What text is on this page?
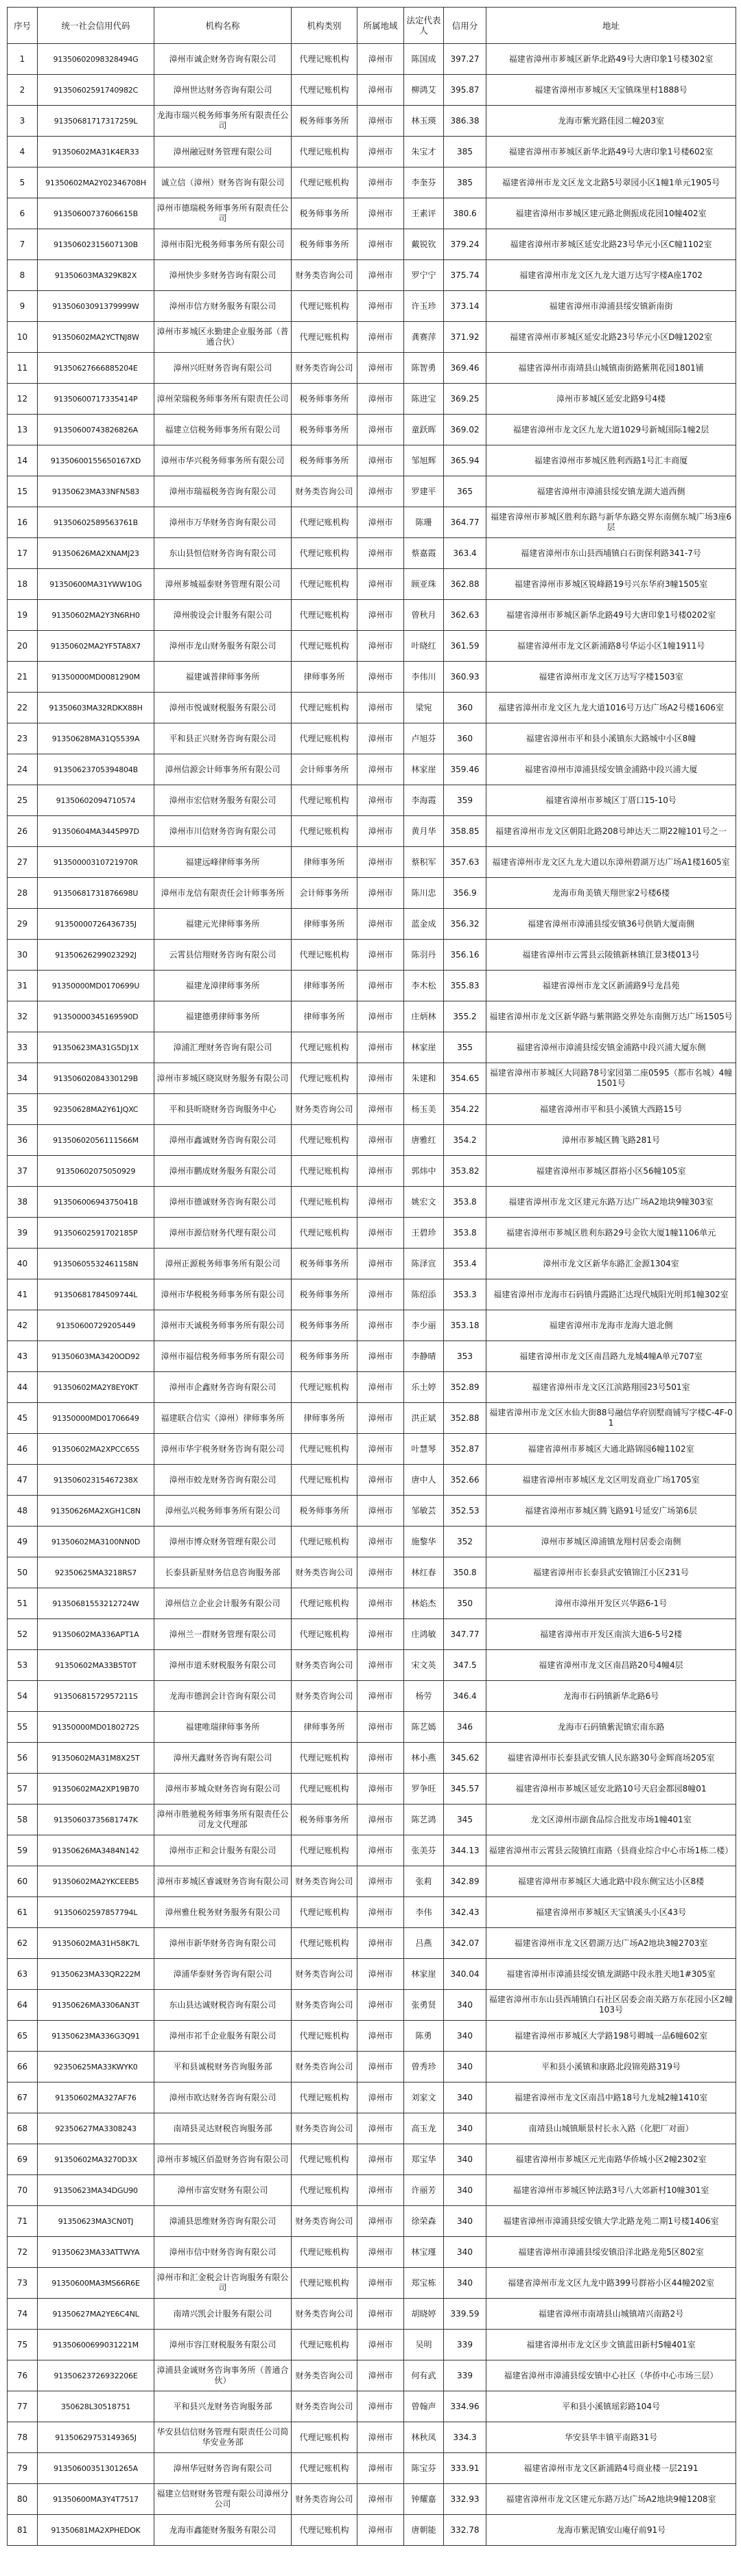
序号	统一社会信用代码	机构名称	机构类别	所属地域	法定代表人	信用分	地址
1	91350602098328494G	漳州市诚企财务咨询有限公司	代理记账机构	漳州市	陈国成	397.27	福建省漳州市芗城区新华北路49号大唐印象1号楼302室
2	91350602591740982C	漳州世达财务咨询有限公司	代理记账机构	漳州市	柳鸿艾	395.87	福建省漳州市芗城区天宝镇珠里村1888号
3	91350681717317259L	龙海市瑞兴税务师事务所有限责任公司	税务师事务所	漳州市	林玉瑛	386.38	龙海市紫光路佳园二幢203室
4	91350602MA31K4ER33	漳州融冠财务管理有限公司	代理记账机构	漳州市	朱宝才	385	福建省漳州市芗城区新华北路49号大唐印象1号楼602室
5	91350602MA2Y02346708H	诚立信（漳州）财务咨询有限公司	代理记账机构	漳州市	李奎芬	385	福建省漳州市龙文区龙文北路5号翠园小区1幢1单元1905号
6	91350600737606615B	漳州市德瑞税务师事务所有限责任公司	税务师事务所	漳州市	王素评	380.6	福建省漳州市芗城区建元路北侧振成花园10幢402室
7	91350602315607130B	漳州市阳光税务师事务所有限公司	税务师事务所	漳州市	戴锐钦	379.24	福建省漳州市芗城区延安北路23号华元小区C幢1102室
8	91350603MA329K82X	漳州快步多财务咨询有限公司	财务类咨询公司	漳州市	罗宁宁	375.74	福建省漳州市龙文区九龙大道万达写字楼A座1702
9	91350603091379999W	漳州市信方财务服务有限公司	代理记账机构	漳州市	许玉珍	373.14	福建省漳州市漳浦县绥安镇新南街
10	91350602MA2YCTNJ8W	漳州市芗城区永勤建企业服务部（普通合伙）	代理记账机构	漳州市	龚赛萍	371.92	福建省漳州市芗城区延安北路23号华元小区D幢1202室
11	91350627666885204E	漳州兴旺财务咨询有限公司	财务类咨询公司	漳州市	陈智勇	369.46	福建省漳州市南靖县山城镇南街路紫荆花园1801铺
12	91350600717335414P	漳州荣瑞税务师事务所有限责任公司	税务师事务所	漳州市	陈进宝	369.25	漳州市芗城区延安北路9号4楼
13	91350600743826826A	福建立信税务师事务所有限公司	税务师事务所	漳州市	童跃晖	369.02	福建省漳州市龙文区九龙大道1029号新城国际1幢2层
14	91350600155650167XD	漳州市华兴税务师事务所有限公司	税务师事务所	漳州市	邹旭辉	365.94	福建省漳州市芗城区胜利西路1号汇丰商厦
15	91350623MA33NFN583	漳州市瑞福税务咨询有限公司	财务类咨询公司	漳州市	罗建平	365	福建省漳州市漳浦县绥安镇龙湖大道西侧
16	91350602589563761B	漳州市万华财务咨询有限公司	代理记账机构	漳州市	陈珊	364.77	福建省漳州市芗城区胜利东路与新华东路交界东南侧东城广场3座6层
17	91350626MA2XNAMJ23	东山县恒信财务咨询有限公司	代理记账机构	漳州市	蔡嘉霞	363.4	福建省漳州市东山县西埔镇白石街保利路341-7号
18	91350600MA31YWW10G	漳州芗城福泰财务管理有限公司	代理记账机构	漳州市	顾亚珠	362.88	福建省漳州市芗城区锐峰路19号兴东华府3幢1505室
19	91350602MA2Y3N6RH0	漳州骏设会计服务有限公司	代理记账机构	漳州市	曾秋月	362.63	福建省漳州市芗城区新华北路49号大唐印象1号楼0202室
20	91350602MA2YF5TA8X7	漳州市龙山财务服务有限公司	代理记账机构	漳州市	叶晓红	361.59	福建省漳州市龙文区新浦路8号华运小区1幢1911号
21	91350000MD0081290M	福建诚普律师事务所	律师事务所	漳州市	李伟川	360.93	福建省漳州市龙文区万达写字楼1503室
22	91350603MA32RDKX88H	漳州市悦诚财税服务有限公司	代理记账机构	漳州市	梁宛	360	福建省漳州市龙文区九龙大道1016号万达广场A2号楼1606室
23	91350628MA31Q5539A	平和县正兴财务咨询有限公司	代理记账机构	漳州市	卢旭芬	360	福建省漳州市平和县小溪镇东大路城中小区8幢
24	91350623705394804B	漳州信源会计师事务所有限公司	会计师事务所	漳州市	林家崖	359.46	福建省漳州市漳浦县绥安镇金浦路中段兴浦大厦
25	91350602094710574	漳州市宏信财务服务有限公司	代理记账机构	漳州市	李海霞	359	福建省漳州市芗城区丁厝口15-10号
26	91350604MA3445P97D	漳州市川信财务咨询有限公司	代理记账机构	漳州市	黄月华	358.85	福建省漳州市龙文区朝阳北路208号坤达天二期22幢101号之一
27	91350000310721970R	福建远峰律师事务所	律师事务所	漳州市	蔡积军	357.63	福建省漳州市龙文区九龙大道以东漳州碧湖万达广场A1楼1605室
28	91350681731876698U	漳州市龙信有限责任会计师事务所	会计师事务所	漳州市	陈川忠	356.9	龙海市角美镇天翔世家2号楼6楼
29	91350000726436735J	福建元光律师事务所	律师事务所	漳州市	蓝金成	356.32	福建省漳州市漳浦县绥安镇36号供销大厦南侧
30	91350626299023292J	云霄县信翔财务咨询有限公司	代理记账机构	漳州市	陈羽丹	356.16	福建省漳州市云霄县云陵镇新林镇江景3楼013号
31	91350000MD0170699U	福建龙漳律师事务所	律师事务所	漳州市	李木松	355.83	福建省漳州市龙文区新浦路9号龙昌苑
32	91350000345169590D	福建德勇律师事务所	律师事务所	漳州市	庄炳林	355.2	福建省漳州市龙文区新华路与紫荆路交界处东南侧万达广场1505号
33	91350623MA31G5DJ1X	漳浦汇理财务咨询有限公司	代理记账机构	漳州市	林家崖	355	福建省漳州市漳浦县绥安镇金浦路中段兴浦大厦东侧
34	91350602084330129B	漳州市芗城区晓岚财务服务有限公司	代理记账机构	漳州市	朱建和	354.65	福建省漳州市芗城区大同路78号家园第二座0595（都市名城）4幢1501号
35	92350628MA2Y61JQXC	平和县昕晓财务咨询服务中心	财务类咨询公司	漳州市	杨玉美	354.22	福建省漳州市平和县小溪镇大西路15号
36	91350602056111566M	漳州市鑫诚财务咨询有限公司	代理记账机构	漳州市	唐雅红	354.2	漳州市芗城区腾飞路281号
37	91350602075050929	漳州市鹏成财务服务有限公司	代理记账机构	漳州市	郭炜中	353.82	福建省漳州市芗城区群裕小区56幢105室
38	91350600694375041B	漳州市德诚财务咨询有限公司	代理记账机构	漳州市	姚宏文	353.8	福建省漳州市龙文区建元东路万达广场A2地块9幢303室
39	91350602591702185P	漳州市源信财务代理有限公司	代理记账机构	漳州市	王碧珍	353.8	福建省漳州市芗城区胜利东路29号金钦大厦1幢1106单元
40	91350605532461158N	漳州正源税务师事务所有限公司	税务师事务所	漳州市	陈泽宣	353.4	漳州市龙文区新华东路汇金源1304室
41	91350681784509744L	漳州市华税税务师事务所有限公司	税务师事务所	漳州市	陈绍添	353.3	福建省漳州市龙海市石码镇丹霞路汇达现代城阳光明邦1幢302室
42	91350600729205449	漳州市天诚税务师事务所有限公司	税务师事务所	漳州市	李少丽	353.18	福建省漳州市龙海市龙海大道北侧
43	91350603MA3420OD92	漳州市福信税务师事务所有限公司	税务师事务所	漳州市	李静晴	353	福建省漳州市龙文区南昌路九龙城4幢A单元707室
44	91350602MA2Y8EY0KT	漳州市企鑫财务咨询有限公司	代理记账机构	漳州市	乐土婷	352.89	福建省漳州市龙文区江滨路翔园23号501室
45	91350000MD01706649	福建联合信实（漳州）律师事务所	律师事务所	漳州市	洪正斌	352.88	福建省漳州市龙文区水仙大街88号融信华府别墅商铺写字楼C-4F-01
46	91350602MA2XPCC65S	漳州市华宇税务财务咨询有限公司	代理记账机构	漳州市	叶慧琴	352.87	福建省漳州市芗城区大通北路锦园6幢1102室
47	91350602315467238X	漳州市蛟龙财务咨询有限公司	代理记账机构	漳州市	唐中人	352.66	福建省漳州市芗城区龙文区明发商业广场1705室
48	91350626MA2XGH1C8N	漳州弘兴税务师事务所有限公司	税务师事务所	漳州市	邹敏芸	352.53	福建省漳州市芗城区腾飞路91号延安广场第6层
49	91350602MA3100NN0D	漳州市博众财务管理有限公司	代理记账机构	漳州市	施黎华	352	漳州市芗城区漳浦镇龙翔村居委会南侧
50	92350625MA3218RS7	长泰县新星财务信息咨询服务部	财务类咨询公司	漳州市	林红春	350.8	福建省漳州市长泰县武安镇锦江小区231号
51	91350681553212724W	漳州信立企业会计服务有限公司	代理记账机构	漳州市	林焰杰	350	漳州市漳州开发区兴华路6-1号
52	91350602MA336APT1A	漳州兰一群财务管理有限公司	代理记账机构	漳州市	庄鸿敏	347.77	福建省漳州市开发区南滨大道6-5号2楼
53	91350602MA33B5T0T	漳州市道禾财税服务有限公司	财务类咨询公司	漳州市	宋文英	347.5	福建省漳州市龙文区南昌路20号4幢4层
54	91350681572957211S	龙海市德润会计咨询有限公司	财务类咨询公司	漳州市	杨劳	346.4	龙海市石码镇新华北路6号
55	91350000MD0180272S	福建唯瑞律师事务所	律师事务所	漳州市	陈艺嫣	346	龙海市石码镇紫泥镇宏南东路
56	91350602MA31M8X25T	漳州天鑫财务咨询有限公司	代理记账机构	漳州市	林小燕	345.62	福建省漳州市长泰县武安镇人民东路30号金辉商场205室
57	91350602MA2XP19B70	漳州市芗城众财务咨询有限公司	代理记账机构	漳州市	罗争旺	345.57	福建省漳州市芗城区延安北路10号天启金都园8幢01
58	91350603735681747K	漳州市胜驰税务师事务所有限责任公司龙文代理部	税务师事务所	漳州市	陈艺鸿	345	龙文区漳州市副食品综合批发市场1幢401室
59	91350626MA3484N142	漳州市正和会计服务有限公司	代理记账机构	漳州市	张美芬	344.13	福建省漳州市云霄县云陵镇红南路（县商业综合中心市场1栋二楼）
60	91350602MA2YKCEEB5	漳州市芗城区睿诚财务咨询有限公司	财务类咨询公司	漳州市	张莉	342.89	福建省漳州市芗城区大通北路中段东侧宝达小区8楼
61	91350602597857794L	漳州雅仕税务财务服务有限公司	代理记账机构	漳州市	李伟	342.43	福建省漳州市芗城区天宝镇溪头小区43号
62	91350602MA31H58K7L	漳州市新华财务咨询有限公司	代理记账机构	漳州市	吕燕	342.07	福建省漳州市龙文区碧湖万达广场A2地块3幢2703室
63	91350623MA33QR222M	漳浦华泰财务咨询有限公司	财务类咨询公司	漳州市	林家崖	340.04	福建省漳州市漳浦县绥安镇龙湖路中段永胜天地1#305室
64	91350626MA3306AN3T	东山县达诚财税咨询有限公司	财务类咨询公司	漳州市	张勇贤	340	福建省漳州市东山县西埔镇白石社区居委会南关路万东花园小区2幢103号
65	91350623MA336G3Q91	漳州市祁千企业服务有限公司	代理记账机构	漳州市	陈勇	340	福建省漳州市芗城区大学路198号卿城一品6幢602室
66	92350625MA33KWYK0	平和县诚税财务咨询服务部	财务类咨询公司	漳州市	曾秀珍	340	平和县小溪镇和康路北段锦苑路319号
67	91350602MA327AF76	漳州市欧达财务咨询有限公司	代理记账机构	漳州市	刘家文	340	福建省漳州市龙文区南昌中路18号九龙城2幢1410室
68	92350627MA3308243	南靖县灵达财税咨询服务部	财务类咨询公司	漳州市	高玉龙	340	南靖县山城镇顺景村长永入路（化肥厂对面）
69	91350602MA3270D3X	漳州市芗城区佰盈财务咨询有限公司	代理记账机构	漳州市	郑宝华	340	福建省漳州市芗城区元光南路华侨城小区2幢2302室
70	91350623MA34DGU90	漳州市富安财务有限公司	代理记账机构	漳州市	许丽芳	340	福建省漳州市芗城区钟法路3号八大郊新村10幢301室
71	91350623MA3CN0TJ	漳浦县思维财务咨询有限公司	财务类咨询公司	漳州市	徐荣森	340	福建省漳州市漳浦县绥安镇大学北路龙苑二期1号楼1406室
72	91350623MA33ATTWYA	漳州市信中财务咨询有限公司	代理记账机构	漳州市	林宝瑾	340	福建省漳州市漳浦县绥安镇沿洋北路龙苑5区802室
73	91350600MA3MS66R6E	漳州市和汇金税会计咨询服务有限公司	代理记账机构	漳州市	郑宝栋	340	福建省漳州市龙文区九龙中路399号群裕小区44幢202室
74	91350627MA2YE6C4NL	南靖兴凯会计服务有限公司	财务类咨询公司	漳州市	胡晓婷	339.59	福建省漳州市南靖县山城镇靖兴南路2号
75	91350600699031221M	漳州市容江财税服务有限公司	代理记账机构	漳州市	吴明	339	福建省漳州市龙文区步文镇蓝田新村5幢401室
76	91350623726932206E	漳浦县金诚财务咨询事务所（普通合伙）	财务类咨询公司	漳州市	何有武	339	福建省漳州市漳浦县绥安镇中心社区（华侨中心市场三层）
77	350628L30518751	平和县兴龙财务咨询服务部	财务类咨询公司	漳州市	曾翰声	334.96	平和县小溪镇瑶彩路104号
78	91350629753149365J	华安县信信财务管理有限责任公司简华安业务部	代理记账机构	漳州市	林秋凤	334.3	华安县华丰镇平南路31号
79	91350600351301265A	漳州华冠财务咨询有限公司	代理记账机构	漳州市	陈宝芬	333.91	福建省漳州市龙文区新浦路4号商业楼一层2191
80	91350600MA3Y4T7517	福建立信财财务管理有限公司漳州分公司	财务类咨询公司	漳州市	钟耀嘉	332.93	福建省漳州市龙文区建元东路万达广场A2地块9幢1208室
81	91350681MA2XPHEDOK	龙海市鑫能财务服务有限公司	代理记账机构	漳州市	唐朝能	332.78	龙海市紫泥镇安山庵仔前91号
